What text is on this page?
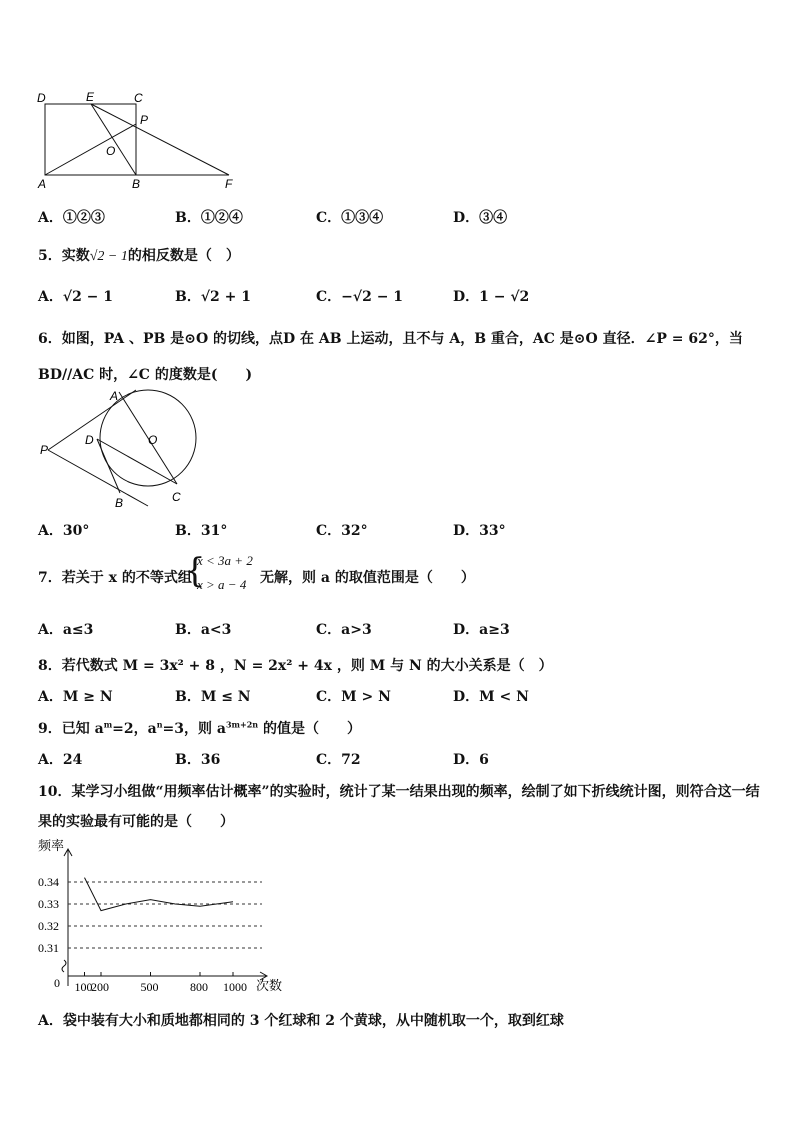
D	E	C
P
O
A	B	F
A．①②③	B．①②④	C．①③④	D．③④
5．实数√2 − 1的相反数是（　）
A．√2 − 1	B．√2 + 1	C．−√2 − 1	D．1 − √2
6．如图，PA 、PB 是⊙O 的切线，点D 在 AB 上运动，且不与 A，B 重合，AC 是⊙O 直径．∠P = 62°，当
BD//AC 时，∠C 的度数是(　　)
A
O
P
D
B	C
A．30°	B．31°	C．32°	D．33°
7．若关于 x 的不等式组
{
x < 3a + 2
x > a − 4 无解，则 a 的取值范围是（　　）
A．a≤3	B．a<3	C．a>3	D．a≥3
8．若代数式 M = 3x² + 8 ，N = 2x² + 4x ，则 M 与 N 的大小关系是（　）
A．M ≥ N	B．M ≤ N	C．M > N	D．M < N
9．已知 $a^m=2$，$a^n=3$，则 $a^{3m+2n}$ 的值是（　　）
A．24	B．36	C．72	D．6
10．某学习小组做“用频率估计概率”的实验时，统计了某一结果出现的频率，绘制了如下折线统计图，则符合这一结
果的实验最有可能的是（　　）
频率
次数
0
0.34
0.33
0.32
0.31
100
200	500	800 1000
A．袋中装有大小和质地都相同的 3 个红球和 2 个黄球，从中随机取一个，取到红球
